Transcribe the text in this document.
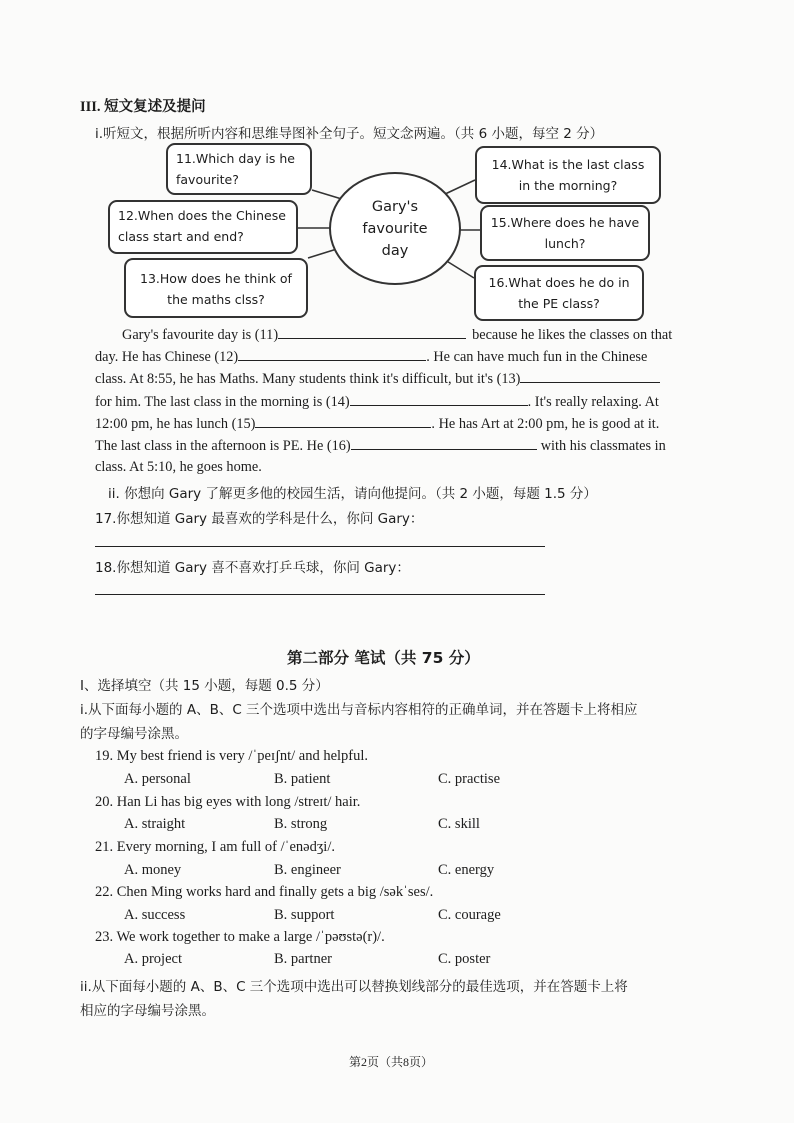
III. 短文复述及提问
i.听短文，根据所听内容和思维导图补全句子。短文念两遍。（共 6 小题，每空 2 分）
11.Which day is he favourite?
12.When does the Chinese class start and end?
13.How does he think of the maths clss?
Gary's
favourite
day
14.What is the last class in the morning?
15.Where does he have lunch?
16.What does he do in the PE class?
Gary's favourite day is (11)	because he likes the classes on that
day. He has Chinese (12)	. He can have much fun in the Chinese
class. At 8:55, he has Maths. Many students think it's difficult, but it's (13)
for him. The last class in the morning is (14)	. It's really relaxing. At
12:00 pm, he has lunch (15)	. He has Art at 2:00 pm, he is good at it.
The last class in the afternoon is PE. He (16)	with his classmates in
class. At 5:10, he goes home.
ii. 你想向 Gary 了解更多他的校园生活，请向他提问。（共 2 小题，每题 1.5 分）
17.你想知道 Gary 最喜欢的学科是什么，你问 Gary：
18.你想知道 Gary 喜不喜欢打乒乓球，你问 Gary：
第二部分 笔试（共 75 分）
I、选择填空（共 15 小题，每题 0.5 分）
i.从下面每小题的 A、B、C 三个选项中选出与音标内容相符的正确单词，并在答题卡上将相应
的字母编号涂黑。
19. My best friend is very /ˈpeɪʃnt/ and helpful.
A. personal	B. patient	C. practise
20. Han Li has big eyes with long /streɪt/ hair.
A. straight	B. strong	C. skill
21. Every morning, I am full of /ˈenədʒi/.
A. money	B. engineer	C. energy
22. Chen Ming works hard and finally gets a big /səkˈses/.
A. success	B. support	C. courage
23. We work together to make a large /ˈpəʊstə(r)/.
A. project	B. partner	C. poster
ii.从下面每小题的 A、B、C 三个选项中选出可以替换划线部分的最佳选项，并在答题卡上将
相应的字母编号涂黑。
第2页（共8页）
